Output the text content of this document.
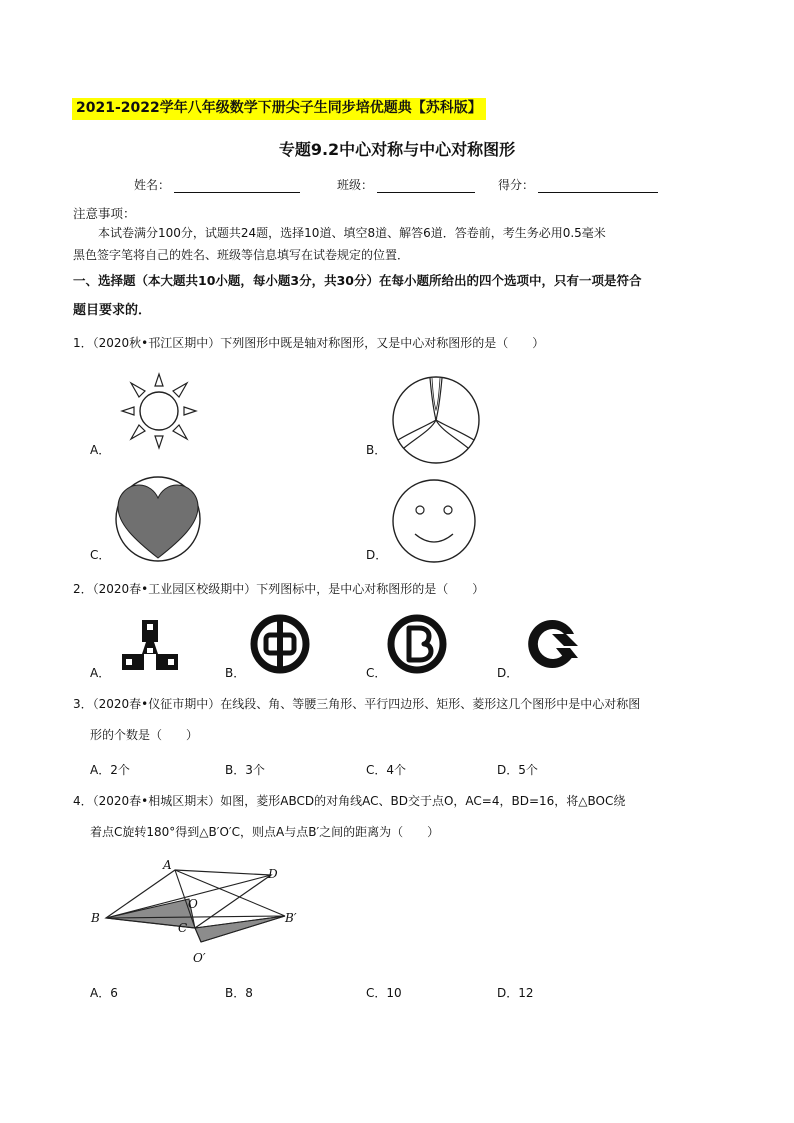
2021-2022学年八年级数学下册尖子生同步培优题典【苏科版】
专题9.2中心对称与中心对称图形
姓名：	班级：	得分：
注意事项：
本试卷满分100分，试题共24题，选择10道、填空8道、解答6道．答卷前，考生务必用0.5毫米
黑色签字笔将自己的姓名、班级等信息填写在试卷规定的位置．
一、选择题（本大题共10小题，每小题3分，共30分）在每小题所给出的四个选项中，只有一项是符合
题目要求的．
1．（2020秋•邗江区期中）下列图形中既是轴对称图形，又是中心对称图形的是（　　）
A．	B．
C．	D．
2．（2020春•工业园区校级期中）下列图标中，是中心对称图形的是（　　）
A．	B．	C．	D．
3．（2020春•仪征市期中）在线段、角、等腰三角形、平行四边形、矩形、菱形这几个图形中是中心对称图
形的个数是（　　）
A．2个	B．3个	C．4个	D．5个
4．（2020春•相城区期末）如图，菱形ABCD的对角线AC、BD交于点O，AC=4，BD=16，将△BOC绕
着点C旋转180°得到△B′O′C，则点A与点B′之间的距离为（　　）
A
B
C
D
O
B′
O′
A．6	B．8	C．10	D．12
